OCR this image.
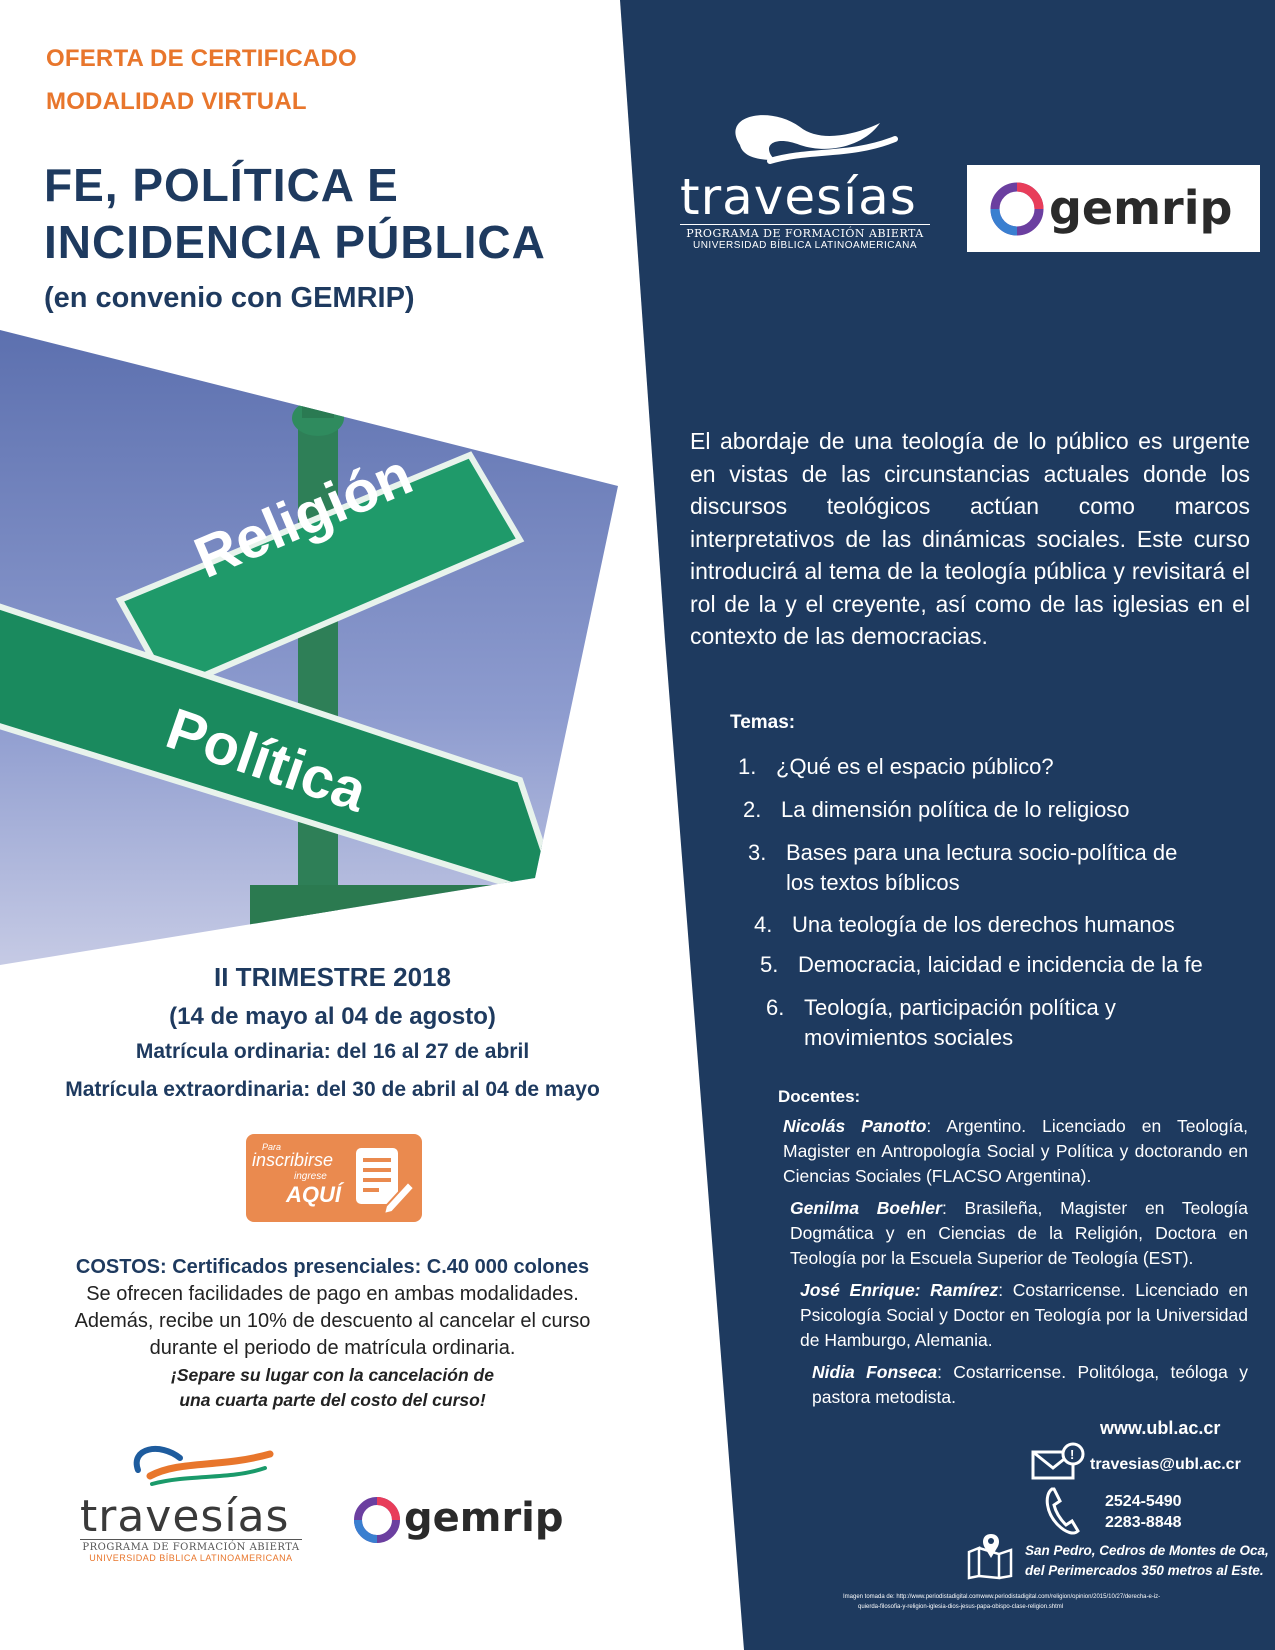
Religión
Política
OFERTA DE CERTIFICADO
MODALIDAD VIRTUAL
FE, POLÍTICA E
INCIDENCIA PÚBLICA
(en convenio con GEMRIP)
travesías
PROGRAMA DE FORMACIÓN ABIERTA
UNIVERSIDAD BÍBLICA LATINOAMERICANA
gemrip
El abordaje de una teología de lo público es urgente en vistas de las circunstancias actuales donde los discursos teológicos actúan como marcos interpretativos de las dinámicas sociales. Este curso introducirá al tema de la teología pública y revisitará el rol de la y el creyente, así como de las iglesias en el contexto de las democracias.
Temas:
1. ¿Qué es el espacio público?
2. La dimensión política de lo religioso
3. Bases para una lectura socio-política de
los textos bíblicos
4. Una teología de los derechos humanos
5. Democracia, laicidad e incidencia de la fe
6. Teología, participación política y
movimientos sociales
Docentes:
Nicolás Panotto: Argentino. Licenciado en Teología, Magister en Antropología Social y Política y doctorando en Ciencias Sociales (FLACSO Argentina).
Genilma Boehler: Brasileña, Magister en Teología Dogmática y en Ciencias de la Religión, Doctora en Teología por la Escuela Superior de Teología (EST).
José Enrique: Ramírez: Costarricense. Licenciado en Psicología Social y Doctor en Teología por la Universidad de Hamburgo, Alemania.
Nidia Fonseca: Costarricense. Politóloga, teóloga y pastora metodista.
www.ubl.ac.cr
!
travesias@ubl.ac.cr
2524-5490
2283-8848
San Pedro, Cedros de Montes de Oca,
del Perimercados 350 metros al Este.
Imagen tomada de: http://www.periodistadigital.comwww.periodistadigital.com/religion/opinion/2015/10/27/derecha-e-iz-
quierda-filosofia-y-religion-iglesia-dios-jesus-papa-obispo-clase-religion.shtml
II TRIMESTRE 2018
(14 de mayo al 04 de agosto)
Matrícula ordinaria: del 16 al 27 de abril
Matrícula extraordinaria: del 30 de abril al 04 de mayo
Para
inscribirse
ingrese
AQUÍ
COSTOS: Certificados presenciales: C.40 000 colones
Se ofrecen facilidades de pago en ambas modalidades.
Además, recibe un 10% de descuento al cancelar el curso
durante el periodo de matrícula ordinaria.
¡Separe su lugar con la cancelación de
una cuarta parte del costo del curso!
travesías
PROGRAMA DE FORMACIÓN ABIERTA
UNIVERSIDAD BÍBLICA LATINOAMERICANA
gemrip
